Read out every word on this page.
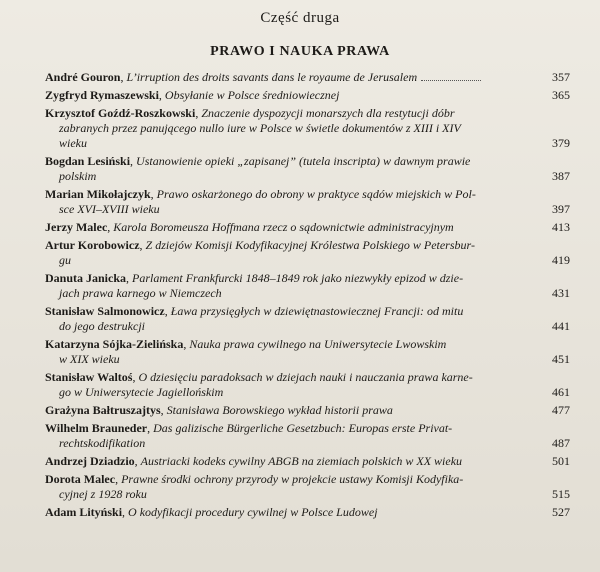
Część druga
PRAWO I NAUKA PRAWA
André Gouron, L’irruption des droits savants dans le royaume de Jerusalem	357
Zygfryd Rymaszewski, Obsyłanie w Polsce średniowiecznej	365
Krzysztof Goźdź-Roszkowski, Znaczenie dyspozycji monarszych dla restytucji dóbr
zabranych przez panującego nullo iure w Polsce w świetle dokumentów z XIII i XIV
wieku	379
Bogdan Lesiński, Ustanowienie opieki „zapisanej” (tutela inscripta) w dawnym prawie
polskim	387
Marian Mikołajczyk, Prawo oskarżonego do obrony w praktyce sądów miejskich w Pol-
sce XVI–XVIII wieku	397
Jerzy Malec, Karola Boromeusza Hoffmana rzecz o sądownictwie administracyjnym	413
Artur Korobowicz, Z dziejów Komisji Kodyfikacyjnej Królestwa Polskiego w Petersbur-
gu	419
Danuta Janicka, Parlament Frankfurcki 1848–1849 rok jako niezwykły epizod w dzie-
jach prawa karnego w Niemczech	431
Stanisław Salmonowicz, Ława przysięgłych w dziewiętnastowiecznej Francji: od mitu
do jego destrukcji	441
Katarzyna Sójka-Zielińska, Nauka prawa cywilnego na Uniwersytecie Lwowskim
w XIX wieku	451
Stanisław Waltoś, O dziesięciu paradoksach w dziejach nauki i nauczania prawa karne-
go w Uniwersytecie Jagiellońskim	461
Grażyna Bałtruszajtys, Stanisława Borowskiego wykład historii prawa	477
Wilhelm Brauneder, Das galizische Bürgerliche Gesetzbuch: Europas erste Privat-
rechtskodifikation	487
Andrzej Dziadzio, Austriacki kodeks cywilny ABGB na ziemiach polskich w XX wieku	501
Dorota Malec, Prawne środki ochrony przyrody w projekcie ustawy Komisji Kodyfika-
cyjnej z 1928 roku	515
Adam Lityński, O kodyfikacji procedury cywilnej w Polsce Ludowej	527
